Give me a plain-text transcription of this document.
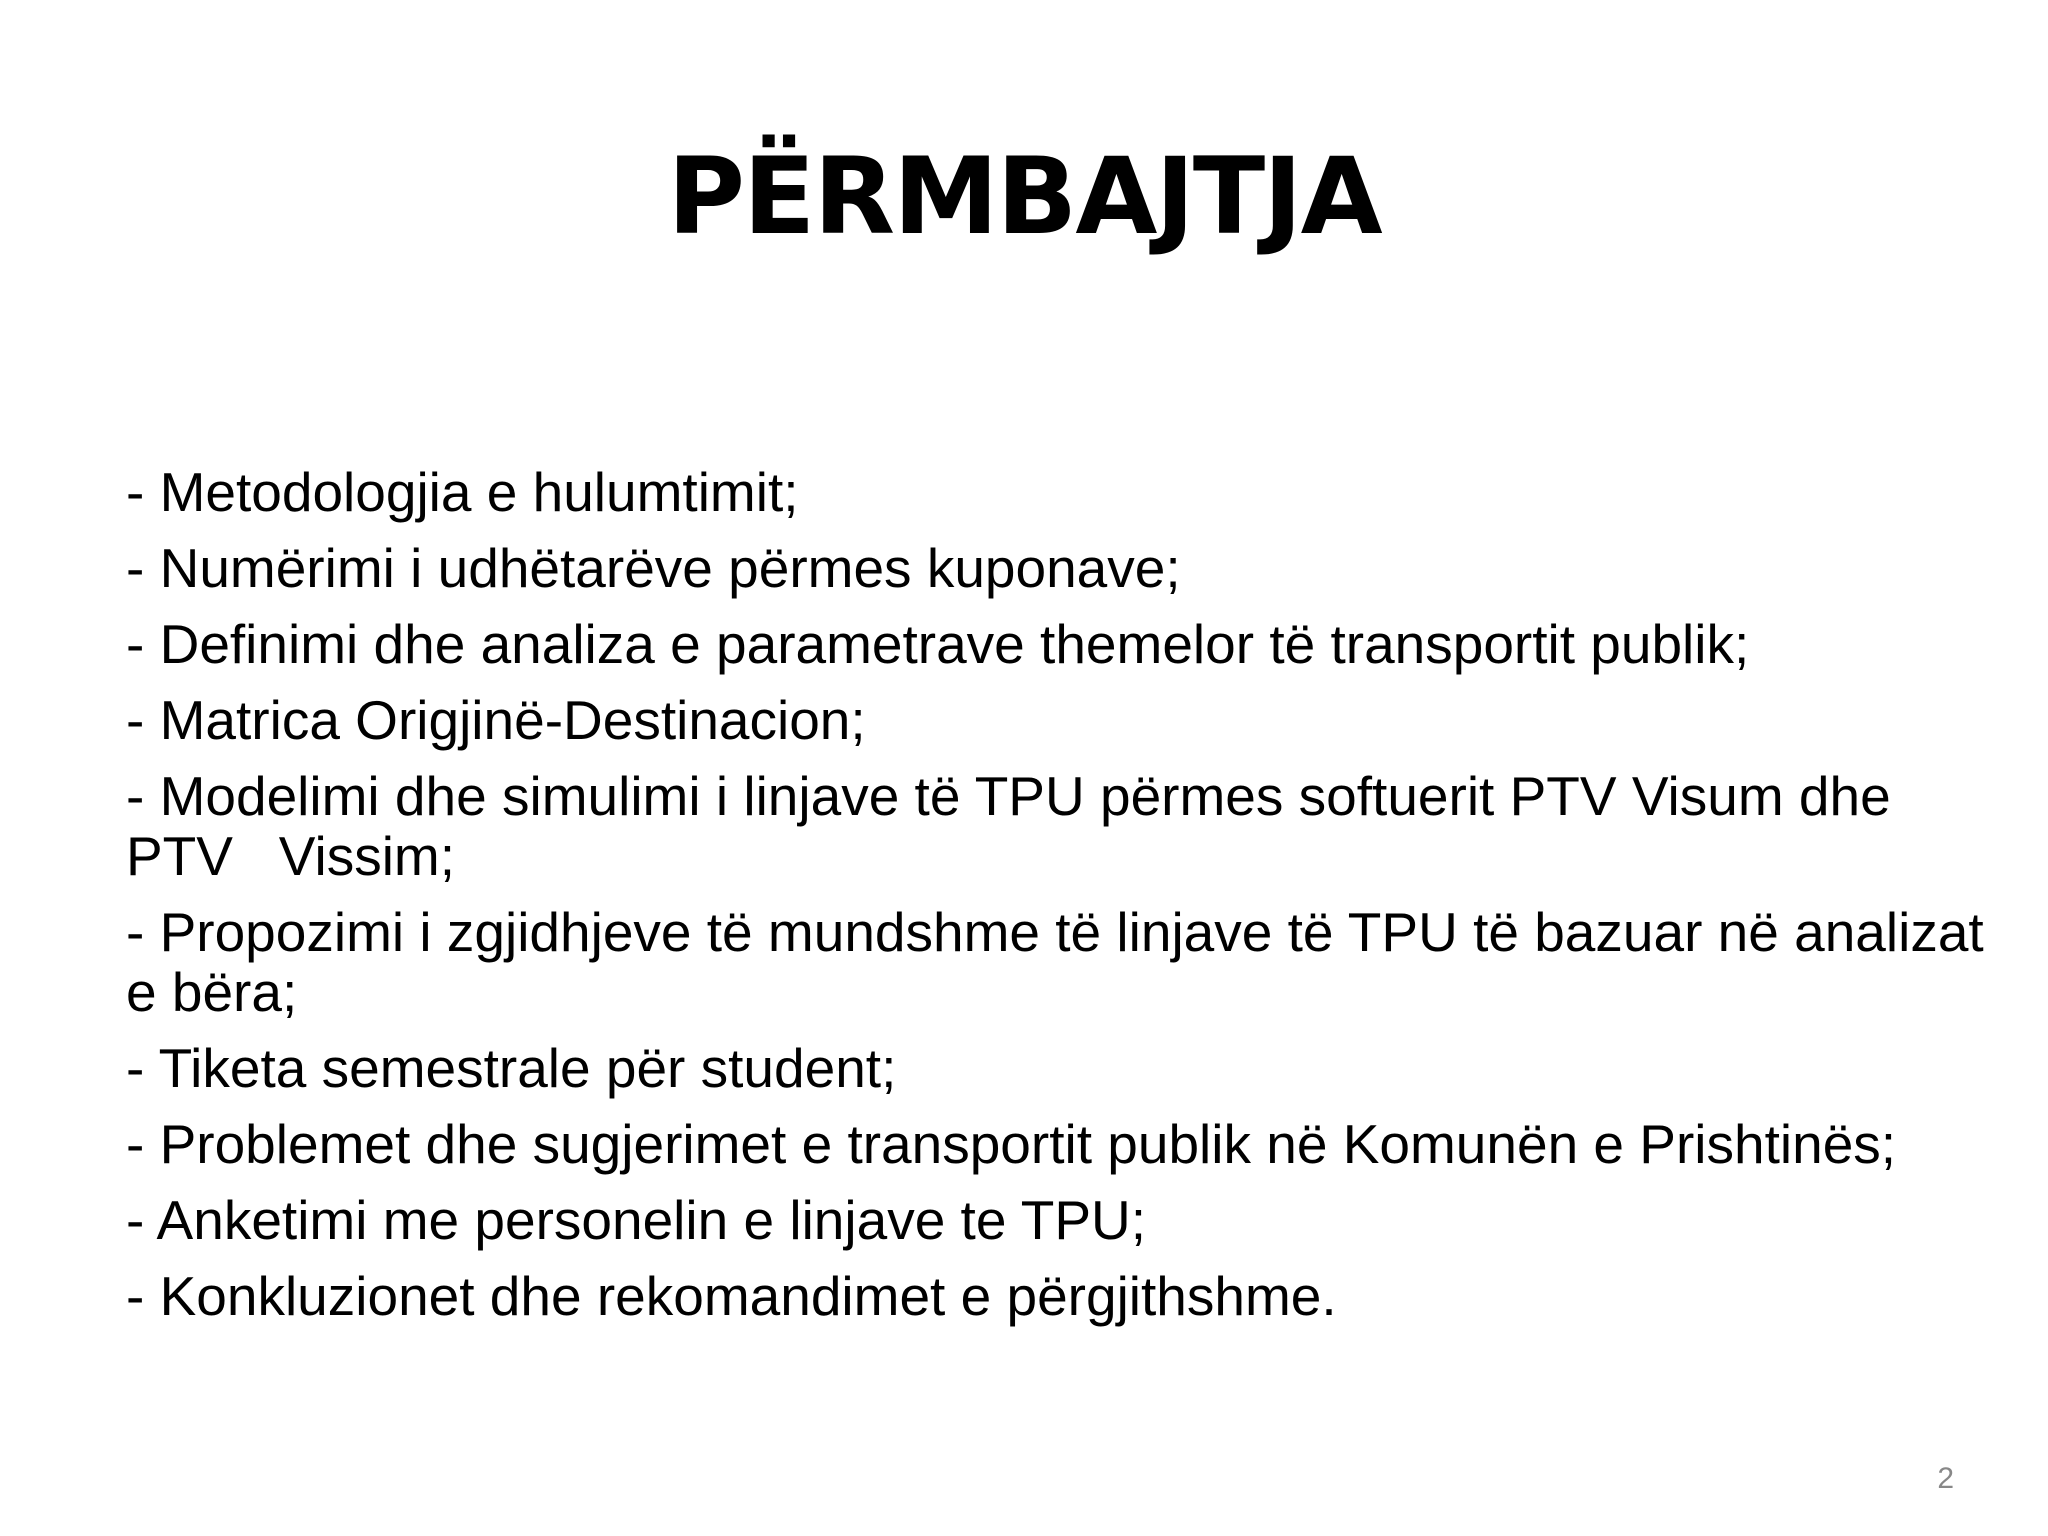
PËRMBAJTJA
- Metodologjia e hulumtimit;
- Numërimi i udhëtarëve përmes kuponave;
- Definimi dhe analiza e parametrave themelor të transportit publik;
- Matrica Origjinë-Destinacion;
- Modelimi dhe simulimi i linjave të TPU përmes softuerit PTV Visum dhe PTV   Vissim;
- Propozimi i zgjidhjeve të mundshme të linjave të TPU të bazuar në analizat e bëra;
- Tiketa semestrale për student;
- Problemet dhe sugjerimet e transportit publik në Komunën e Prishtinës;
- Anketimi me personelin e linjave te TPU;
- Konkluzionet dhe rekomandimet e përgjithshme.
2
